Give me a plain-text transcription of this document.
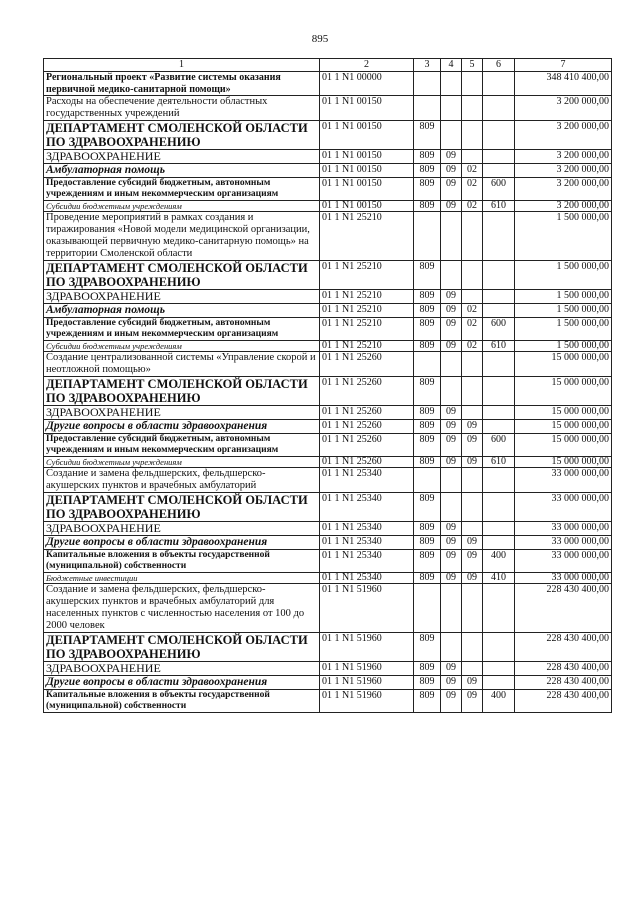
895
1	2	3	4	5	6	7
Региональный проект «Развитие системы оказания первичной медико-санитарной помощи»	01 1 N1 00000					348 410 400,00
Расходы на обеспечение деятельности областных государственных учреждений	01 1 N1 00150					3 200 000,00
ДЕПАРТАМЕНТ СМОЛЕНСКОЙ ОБЛАСТИ ПО ЗДРАВООХРАНЕНИЮ	01 1 N1 00150	809				3 200 000,00
ЗДРАВООХРАНЕНИЕ	01 1 N1 00150	809	09			3 200 000,00
Амбулаторная помощь	01 1 N1 00150	809	09	02		3 200 000,00
Предоставление субсидий бюджетным, автономным учреждениям и иным некоммерческим организациям	01 1 N1 00150	809	09	02	600	3 200 000,00
Субсидии бюджетным учреждениям	01 1 N1 00150	809	09	02	610	3 200 000,00
Проведение мероприятий в рамках создания и тиражирования «Новой модели медицинской организации, оказывающей первичную медико-санитарную помощь» на территории Смоленской области	01 1 N1 25210					1 500 000,00
ДЕПАРТАМЕНТ СМОЛЕНСКОЙ ОБЛАСТИ ПО ЗДРАВООХРАНЕНИЮ	01 1 N1 25210	809				1 500 000,00
ЗДРАВООХРАНЕНИЕ	01 1 N1 25210	809	09			1 500 000,00
Амбулаторная помощь	01 1 N1 25210	809	09	02		1 500 000,00
Предоставление субсидий бюджетным, автономным учреждениям и иным некоммерческим организациям	01 1 N1 25210	809	09	02	600	1 500 000,00
Субсидии бюджетным учреждениям	01 1 N1 25210	809	09	02	610	1 500 000,00
Создание централизованной системы «Управление скорой и неотложной помощью»	01 1 N1 25260					15 000 000,00
ДЕПАРТАМЕНТ СМОЛЕНСКОЙ ОБЛАСТИ ПО ЗДРАВООХРАНЕНИЮ	01 1 N1 25260	809				15 000 000,00
ЗДРАВООХРАНЕНИЕ	01 1 N1 25260	809	09			15 000 000,00
Другие вопросы в области здравоохранения	01 1 N1 25260	809	09	09		15 000 000,00
Предоставление субсидий бюджетным, автономным учреждениям и иным некоммерческим организациям	01 1 N1 25260	809	09	09	600	15 000 000,00
Субсидии бюджетным учреждениям	01 1 N1 25260	809	09	09	610	15 000 000,00
Создание и замена фельдшерских, фельдшерско-акушерских пунктов и врачебных амбулаторий	01 1 N1 25340					33 000 000,00
ДЕПАРТАМЕНТ СМОЛЕНСКОЙ ОБЛАСТИ ПО ЗДРАВООХРАНЕНИЮ	01 1 N1 25340	809				33 000 000,00
ЗДРАВООХРАНЕНИЕ	01 1 N1 25340	809	09			33 000 000,00
Другие вопросы в области здравоохранения	01 1 N1 25340	809	09	09		33 000 000,00
Капитальные вложения в объекты государственной (муниципальной) собственности	01 1 N1 25340	809	09	09	400	33 000 000,00
Бюджетные инвестиции	01 1 N1 25340	809	09	09	410	33 000 000,00
Создание и замена фельдшерских, фельдшерско-акушерских пунктов и врачебных амбулаторий для населенных пунктов с численностью населения от 100 до 2000 человек	01 1 N1 51960					228 430 400,00
ДЕПАРТАМЕНТ СМОЛЕНСКОЙ ОБЛАСТИ ПО ЗДРАВООХРАНЕНИЮ	01 1 N1 51960	809				228 430 400,00
ЗДРАВООХРАНЕНИЕ	01 1 N1 51960	809	09			228 430 400,00
Другие вопросы в области здравоохранения	01 1 N1 51960	809	09	09		228 430 400,00
Капитальные вложения в объекты государственной (муниципальной) собственности	01 1 N1 51960	809	09	09	400	228 430 400,00
